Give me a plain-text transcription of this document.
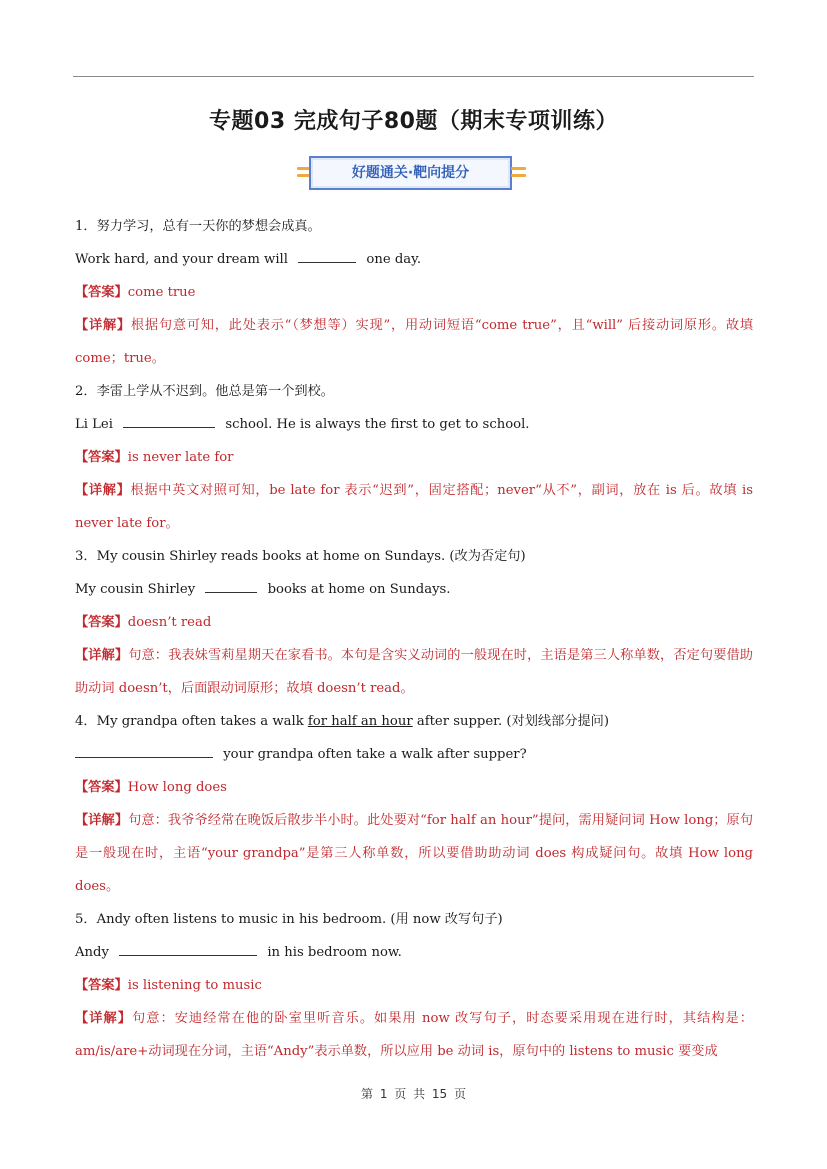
专题03 完成句子80题（期末专项训练）
好题通关·靶向提分
1．努力学习，总有一天你的梦想会成真。
Work hard, and your dream will	one day.
【答案】come true
【详解】根据句意可知，此处表示“（梦想等）实现”，用动词短语“come true”，且“will” 后接动词原形。故填 come；true。
2．李雷上学从不迟到。他总是第一个到校。
Li Lei	school. He is always the first to get to school.
【答案】is never late for
【详解】根据中英文对照可知，be late for 表示“迟到”，固定搭配；never“从不”，副词，放在 is 后。故填 is never late for。
3．My cousin Shirley reads books at home on Sundays. (改为否定句)
My cousin Shirley	books at home on Sundays.
【答案】doesn’t read
【详解】句意：我表妹雪莉星期天在家看书。本句是含实义动词的一般现在时，主语是第三人称单数，否定句要借助助动词 doesn’t，后面跟动词原形；故填 doesn’t read。
4．My grandpa often takes a walk for half an hour after supper. (对划线部分提问)
your grandpa often take a walk after supper?
【答案】How long does
【详解】句意：我爷爷经常在晚饭后散步半小时。此处要对“for half an hour”提问，需用疑问词 How long；原句是一般现在时，主语“your grandpa”是第三人称单数，所以要借助助动词 does 构成疑问句。故填 How long does。
5．Andy often listens to music in his bedroom. (用 now 改写句子)
Andy	in his bedroom now.
【答案】is listening to music
【详解】句意：安迪经常在他的卧室里听音乐。如果用 now 改写句子，时态要采用现在进行时，其结构是：am/is/are+动词现在分词，主语“Andy”表示单数，所以应用 be 动词 is，原句中的 listens to music 要变成
第 1 页 共 15 页
